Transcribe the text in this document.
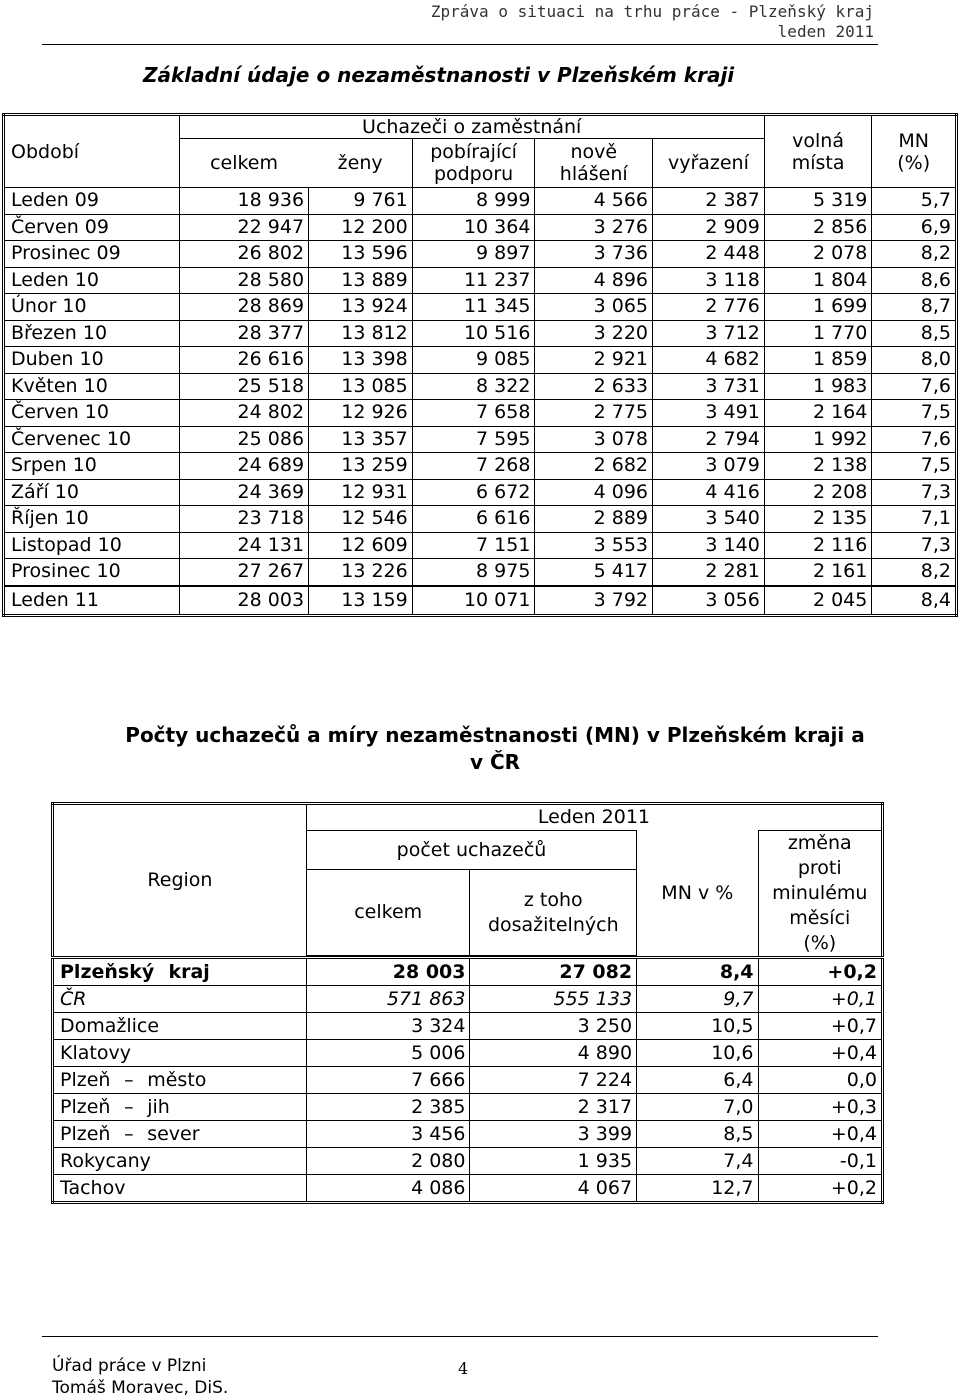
Zpráva o situaci na trhu práce - Plzeňský kraj
leden 2011
Základní údaje o nezaměstnanosti v Plzeňském kraji
Období	Uchazeči o zaměstnání					volná
místa	MN
(%)
	celkem	ženy	pobírající
podporu	nově
hlášení	vyřazení		
Leden 09	18 936	9 761	8 999	4 566	2 387	5 319	5,7
Červen 09	22 947	12 200	10 364	3 276	2 909	2 856	6,9
Prosinec 09	26 802	13 596	9 897	3 736	2 448	2 078	8,2
Leden 10	28 580	13 889	11 237	4 896	3 118	1 804	8,6
Únor 10	28 869	13 924	11 345	3 065	2 776	1 699	8,7
Březen 10	28 377	13 812	10 516	3 220	3 712	1 770	8,5
Duben 10	26 616	13 398	9 085	2 921	4 682	1 859	8,0
Květen 10	25 518	13 085	8 322	2 633	3 731	1 983	7,6
Červen 10	24 802	12 926	7 658	2 775	3 491	2 164	7,5
Červenec 10	25 086	13 357	7 595	3 078	2 794	1 992	7,6
Srpen 10	24 689	13 259	7 268	2 682	3 079	2 138	7,5
Září 10	24 369	12 931	6 672	4 096	4 416	2 208	7,3
Říjen 10	23 718	12 546	6 616	2 889	3 540	2 135	7,1
Listopad 10	24 131	12 609	7 151	3 553	3 140	2 116	7,3
Prosinec 10	27 267	13 226	8 975	5 417	2 281	2 161	8,2
Leden 11	28 003	13 159	10 071	3 792	3 056	2 045	8,4
Počty uchazečů a míry nezaměstnanosti (MN) v Plzeňském kraji a v ČR
Region	Leden 2011			
	počet uchazečů		MN v %	změna
proti
minulému
měsíci
(%)
	celkem	z toho
dosažitelných		

Plzeňský kraj	28 003	27 082	8,4	+0,2
ČR	571 863	555 133	9,7	+0,1
Domažlice	3 324	3 250	10,5	+0,7
Klatovy	5 006	4 890	10,6	+0,4
Plzeň – město	7 666	7 224	6,4	0,0
Plzeň – jih	2 385	2 317	7,0	+0,3
Plzeň – sever	3 456	3 399	8,5	+0,4
Rokycany	2 080	1 935	7,4	-0,1
Tachov	4 086	4 067	12,7	+0,2
Úřad práce v Plzni
Tomáš Moravec, DiS.
4
